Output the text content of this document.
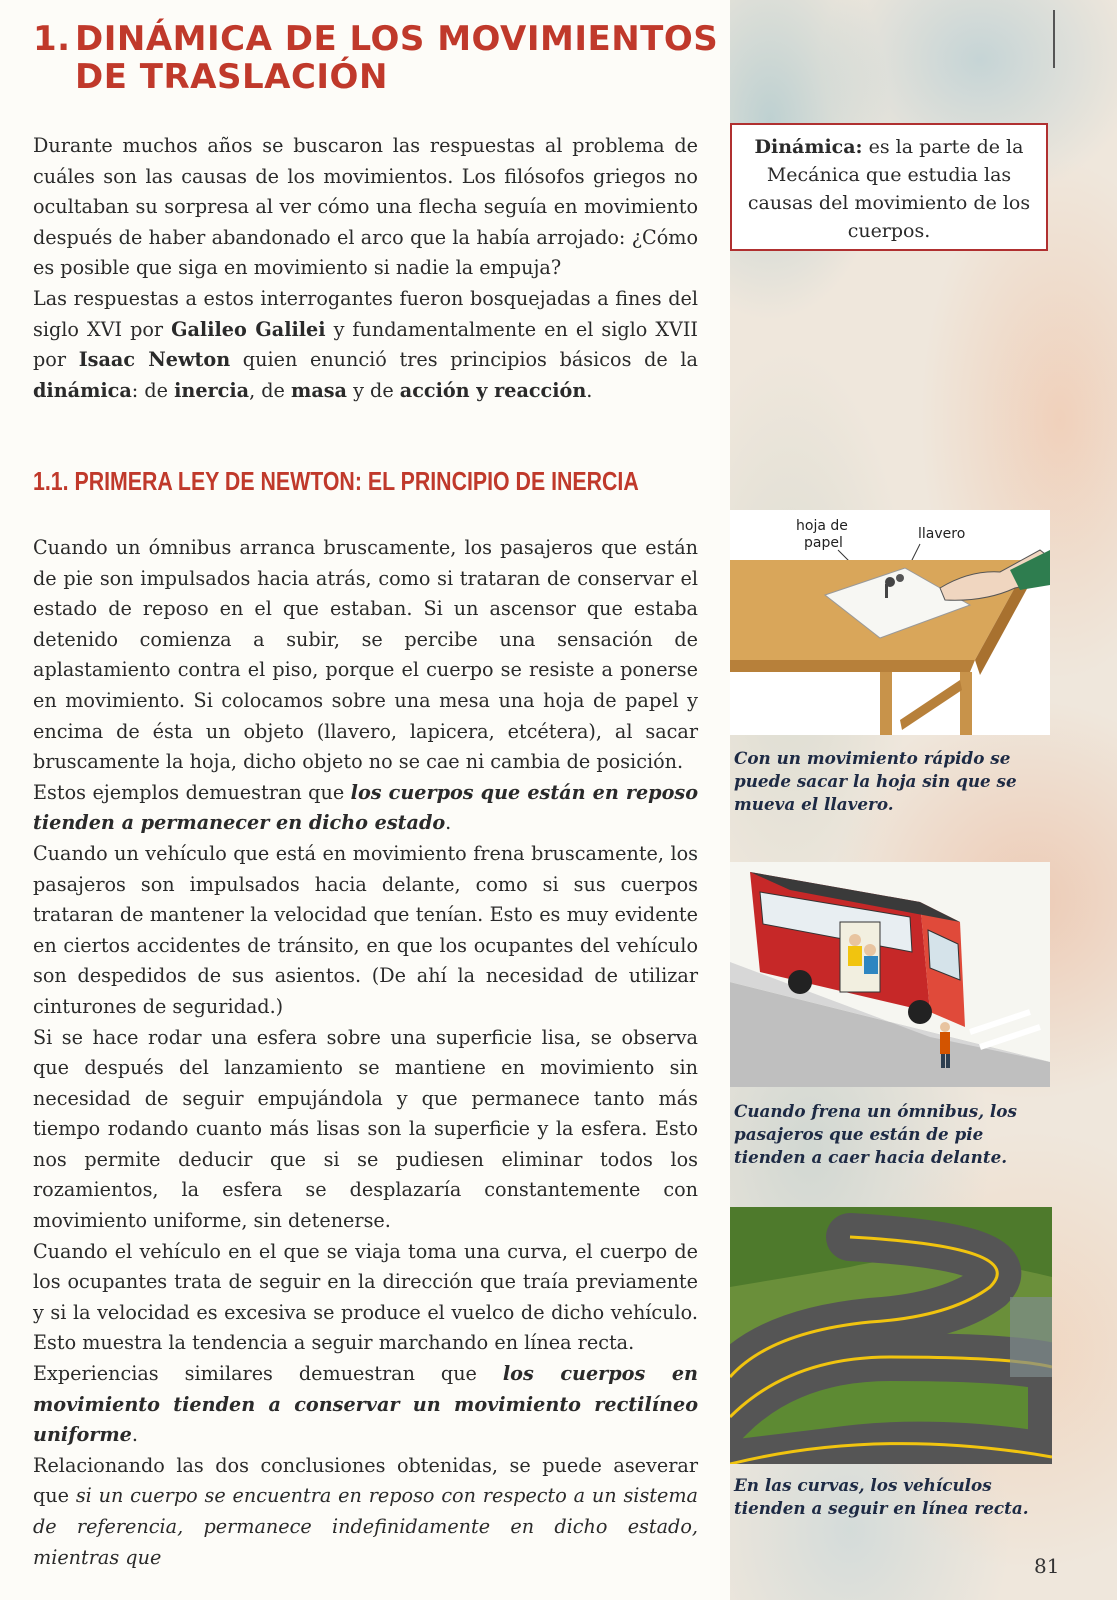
1. DINÁMICA DE LOS MOVIMIENTOS
DE TRASLACIÓN

Durante muchos años se buscaron las respuestas al problema de cuáles son las causas de los movimientos. Los filósofos griegos no ocultaban su sorpresa al ver cómo una flecha seguía en movimiento después de haber abandonado el arco que la había arrojado: ¿Cómo es posible que siga en movimiento si nadie la empuja?

Las respuestas a estos interrogantes fueron bosquejadas a fines del siglo XVI por Galileo Galilei y fundamentalmente en el siglo XVII por Isaac Newton quien enunció tres principios básicos de la dinámica: de inercia, de masa y de acción y reacción.

Dinámica: es la parte de la Mecánica que estudia las causas del movimiento de los cuerpos.
1.1. PRIMERA LEY DE NEWTON: EL PRINCIPIO DE INERCIA

Cuando un ómnibus arranca bruscamente, los pasajeros que están de pie son impulsados hacia atrás, como si trataran de conservar el estado de reposo en el que estaban. Si un ascensor que estaba detenido comienza a subir, se percibe una sensación de aplastamiento contra el piso, porque el cuerpo se resiste a ponerse en movimiento. Si colocamos sobre una mesa una hoja de papel y encima de ésta un objeto (llavero, lapicera, etcétera), al sacar bruscamente la hoja, dicho objeto no se cae ni cambia de posición.

Estos ejemplos demuestran que los cuerpos que están en reposo tienden a permanecer en dicho estado.

Cuando un vehículo que está en movimiento frena bruscamente, los pasajeros son impulsados hacia delante, como si sus cuerpos trataran de mantener la velocidad que tenían. Esto es muy evidente en ciertos accidentes de tránsito, en que los ocupantes del vehículo son despedidos de sus asientos. (De ahí la necesidad de utilizar cinturones de seguridad.)

Si se hace rodar una esfera sobre una superficie lisa, se observa que después del lanzamiento se mantiene en movimiento sin necesidad de seguir empujándola y que permanece tanto más tiempo rodando cuanto más lisas son la superficie y la esfera. Esto nos permite deducir que si se pudiesen eliminar todos los rozamientos, la esfera se desplazaría constantemente con movimiento uniforme, sin detenerse.

Cuando el vehículo en el que se viaja toma una curva, el cuerpo de los ocupantes trata de seguir en la dirección que traía previamente y si la velocidad es excesiva se produce el vuelco de dicho vehículo. Esto muestra la tendencia a seguir marchando en línea recta.

Experiencias similares demuestran que los cuerpos en movimiento tienden a conservar un movimiento rectilíneo uniforme.

Relacionando las dos conclusiones obtenidas, se puede aseverar que si un cuerpo se encuentra en reposo con respecto a un sistema de referencia, permanece indefinidamente en dicho estado, mientras que

hoja de
papel
llavero
Con un movimiento rápido se puede sacar la hoja sin que se mueva el llavero.
Cuando frena un ómnibus, los pasajeros que están de pie tienden a caer hacia delante.
En las curvas, los vehículos tienden a seguir en línea recta.
81
